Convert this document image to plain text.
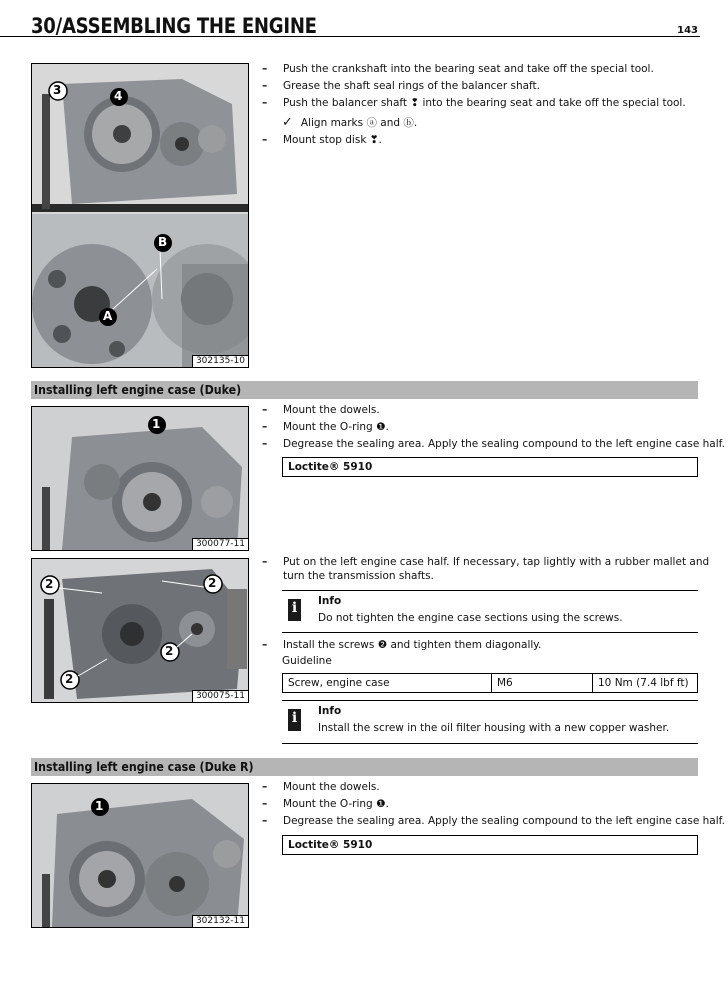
30/ASSEMBLING THE ENGINE	143
3	4
B
A
302135-10
– Push the crankshaft into the bearing seat and take off the special tool.
– Grease the shaft seal rings of the balancer shaft.
– Push the balancer shaft ❢ into the bearing seat and take off the special tool.
✓ Align marks ⓐ and ⓑ.
– Mount stop disk ❣.
Installing left engine case (Duke)
1
300077-11
– Mount the dowels.
– Mount the O-ring ❶.
– Degrease the sealing area. Apply the sealing compound to the left engine case half.
Loctite® 5910
2	2
2
2
300075-11
– Put on the left engine case half. If necessary, tap lightly with a rubber mallet and
turn the transmission shafts.
i	Info
Do not tighten the engine case sections using the screws.
– Install the screws ❷ and tighten them diagonally.
Guideline
Screw, engine case	M6	10 Nm (7.4 lbf ft)
i	Info
Install the screw in the oil filter housing with a new copper washer.
Installing left engine case (Duke R)
1
302132-11
– Mount the dowels.
– Mount the O-ring ❶.
– Degrease the sealing area. Apply the sealing compound to the left engine case half.
Loctite® 5910
